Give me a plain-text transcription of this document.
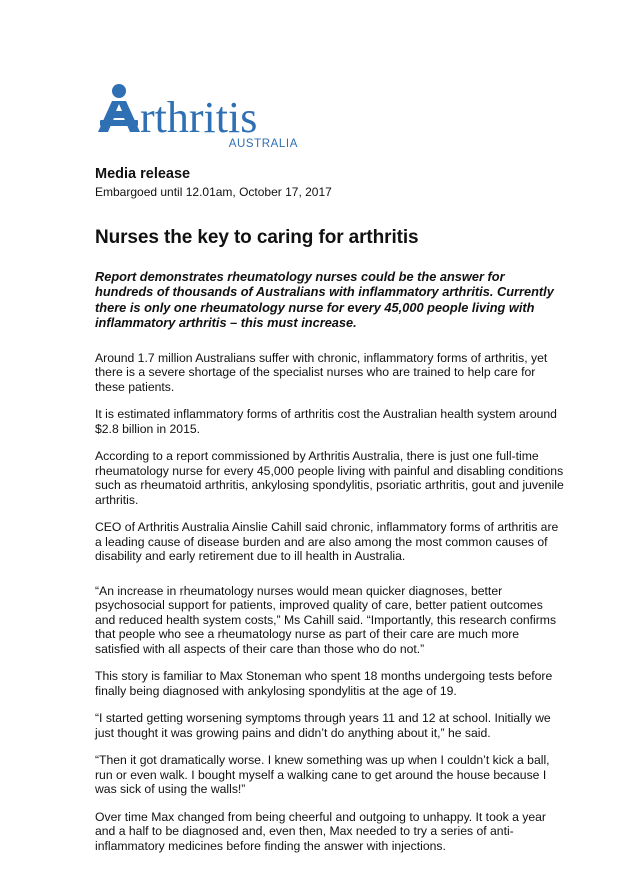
rthritis
AUSTRALIA

Media release

Embargoed until 12.01am, October 17, 2017

Nurses the key to caring for arthritis

Report demonstrates rheumatology nurses could be the answer for hundreds of thousands of Australians with inflammatory arthritis. Currently there is only one rheumatology nurse for every 45,000 people living with inflammatory arthritis – this must increase.

Around 1.7 million Australians suffer with chronic, inflammatory forms of arthritis, yet there is a severe shortage of the specialist nurses who are trained to help care for these patients.

It is estimated inflammatory forms of arthritis cost the Australian health system around $2.8 billion in 2015.

According to a report commissioned by Arthritis Australia, there is just one full-time rheumatology nurse for every 45,000 people living with painful and disabling conditions such as rheumatoid arthritis, ankylosing spondylitis, psoriatic arthritis, gout and juvenile arthritis.

CEO of Arthritis Australia Ainslie Cahill said chronic, inflammatory forms of arthritis are a leading cause of disease burden and are also among the most common causes of disability and early retirement due to ill health in Australia.

“An increase in rheumatology nurses would mean quicker diagnoses, better psychosocial support for patients, improved quality of care, better patient outcomes and reduced health system costs,” Ms Cahill said. “Importantly, this research confirms that people who see a rheumatology nurse as part of their care are much more satisfied with all aspects of their care than those who do not.”

This story is familiar to Max Stoneman who spent 18 months undergoing tests before finally being diagnosed with ankylosing spondylitis at the age of 19.

“I started getting worsening symptoms through years 11 and 12 at school. Initially we just thought it was growing pains and didn’t do anything about it,” he said.

“Then it got dramatically worse. I knew something was up when I couldn’t kick a ball, run or even walk. I bought myself a walking cane to get around the house because I was sick of using the walls!”

Over time Max changed from being cheerful and outgoing to unhappy. It took a year and a half to be diagnosed and, even then, Max needed to try a series of anti-inflammatory medicines before finding the answer with injections.
